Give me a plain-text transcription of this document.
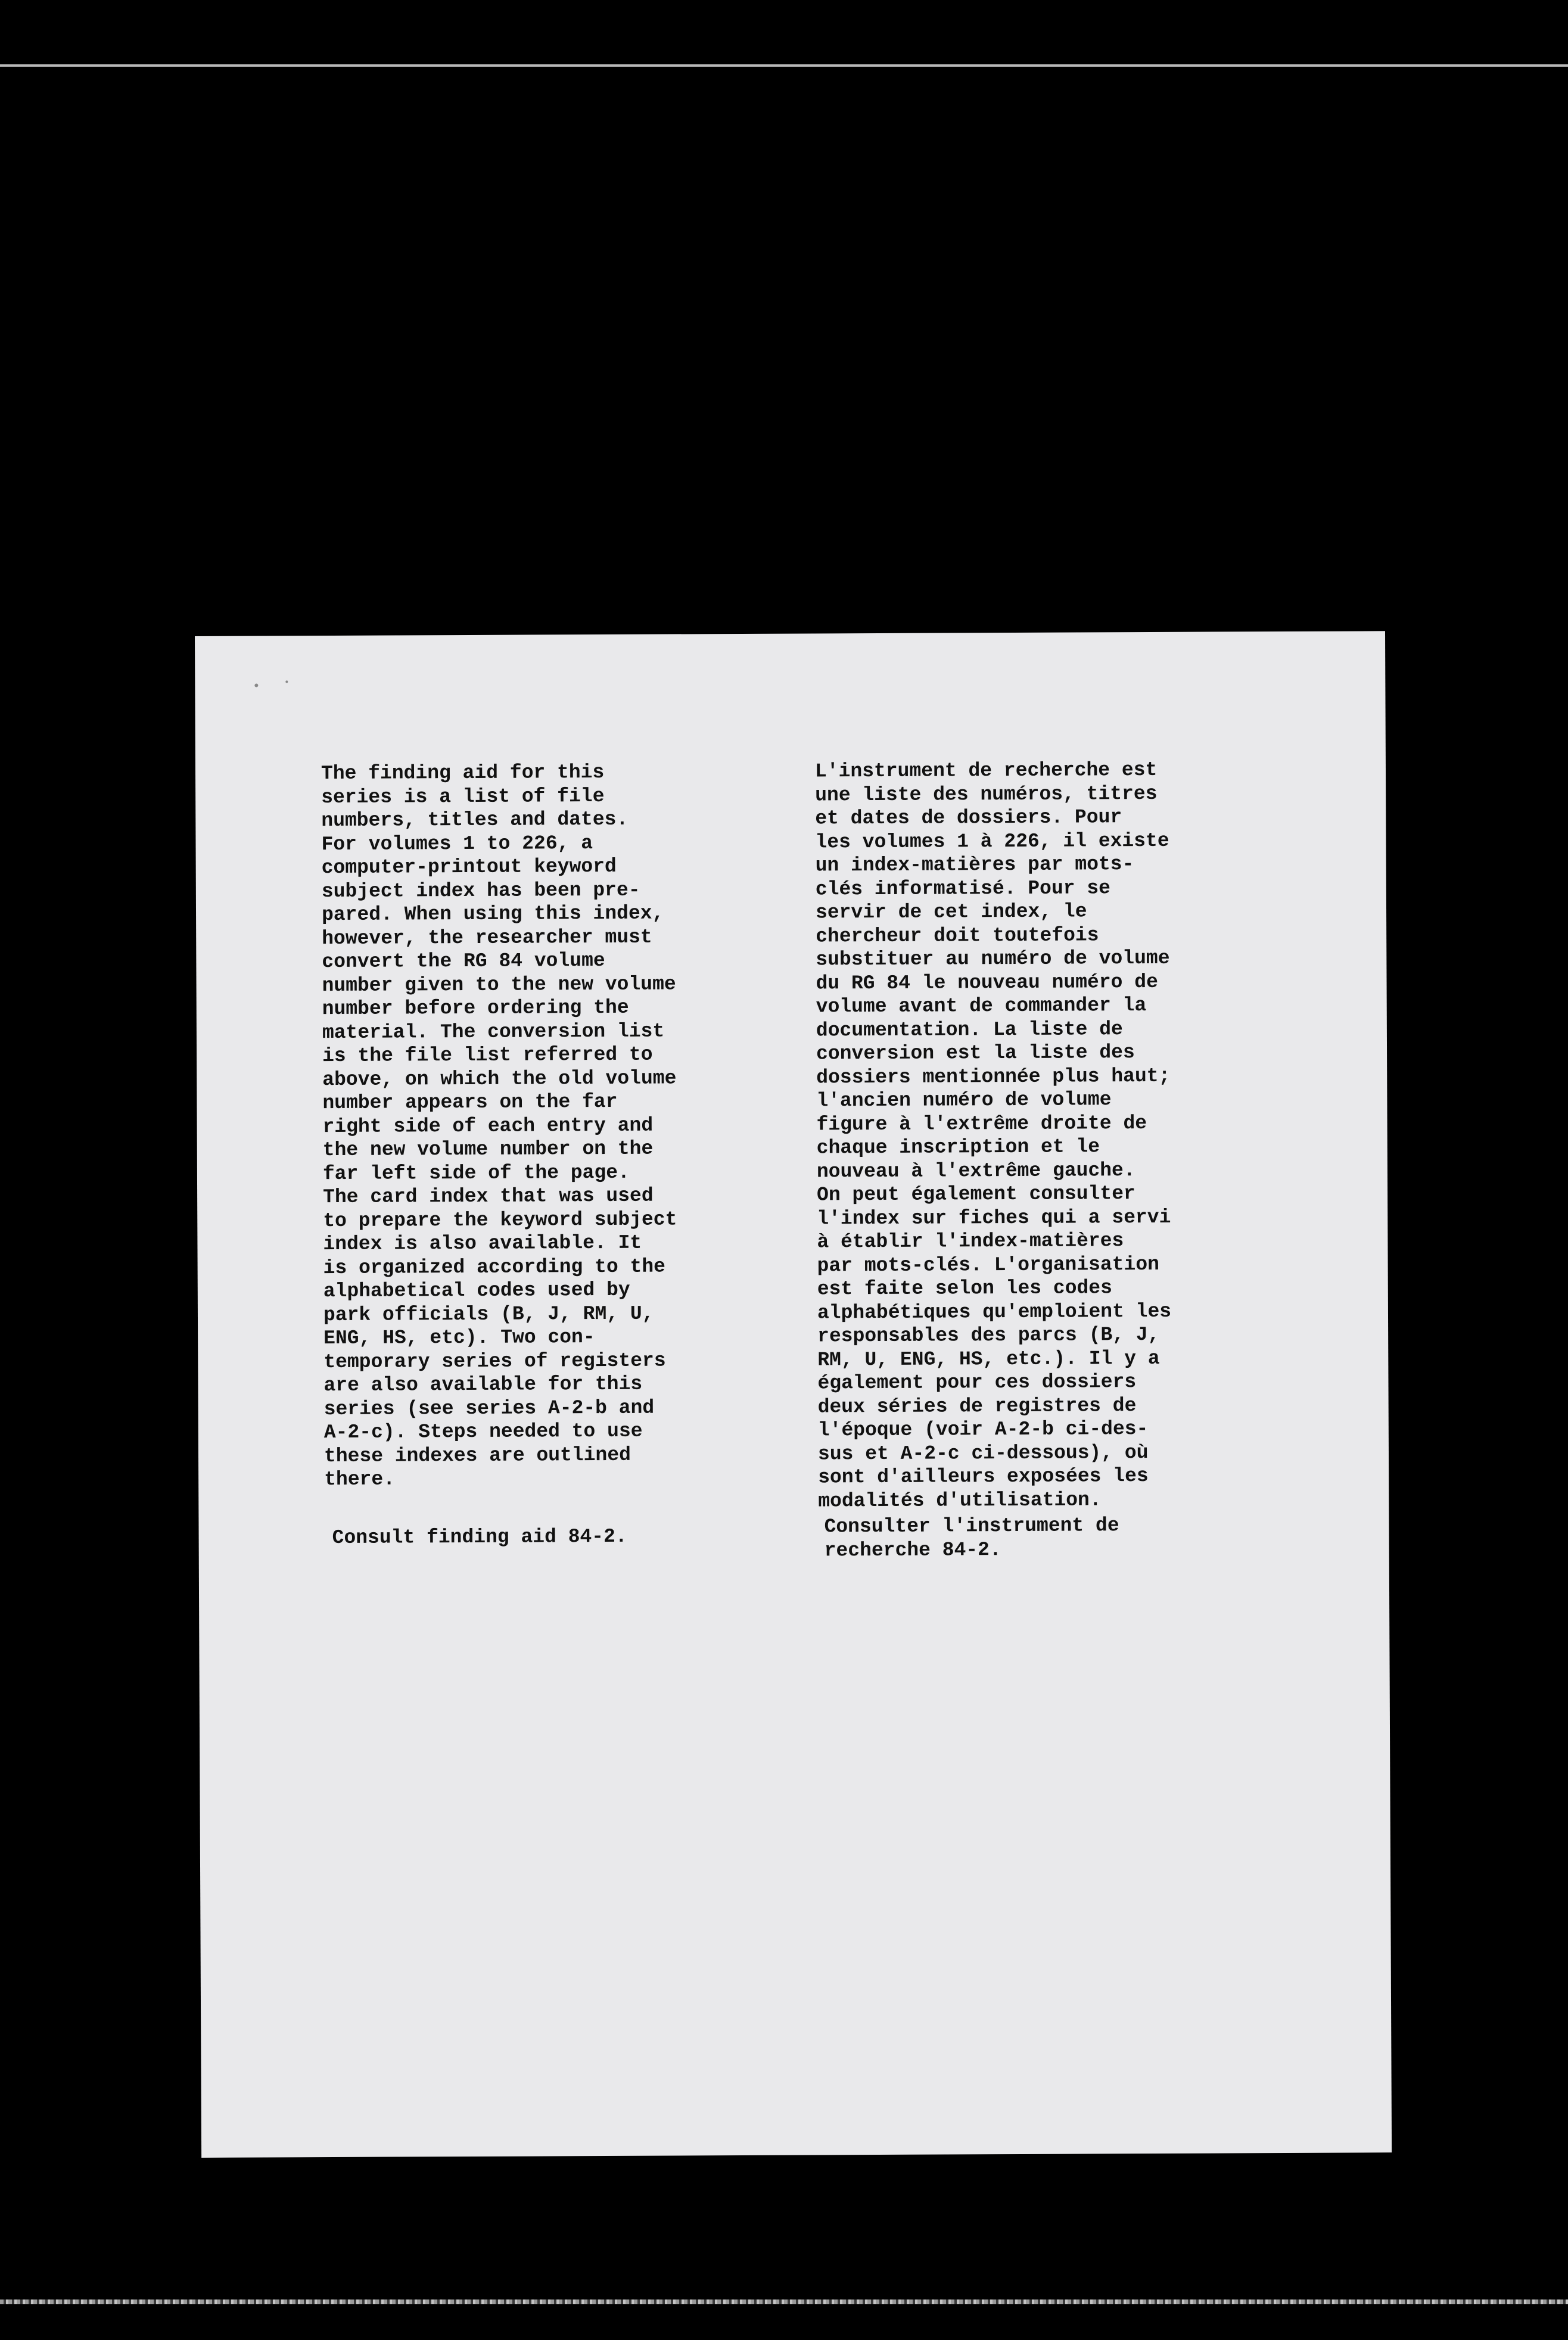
The finding aid for this
series is a list of file
numbers, titles and dates.
For volumes 1 to 226, a
computer-printout keyword
subject index has been pre-
pared. When using this index,
however, the researcher must
convert the RG 84 volume
number given to the new volume
number before ordering the
material. The conversion list
is the file list referred to
above, on which the old volume
number appears on the far
right side of each entry and
the new volume number on the
far left side of the page.
The card index that was used
to prepare the keyword subject
index is also available. It
is organized according to the
alphabetical codes used by
park officials (B, J, RM, U,
ENG, HS, etc). Two con-
temporary series of registers
are also available for this
series (see series A-2-b and
A-2-c). Steps needed to use
these indexes are outlined
there.

Consult finding aid 84-2.

L'instrument de recherche est
une liste des numéros, titres
et dates de dossiers. Pour
les volumes 1 à 226, il existe
un index-matières par mots-
clés informatisé. Pour se
servir de cet index, le
chercheur doit toutefois
substituer au numéro de volume
du RG 84 le nouveau numéro de
volume avant de commander la
documentation. La liste de
conversion est la liste des
dossiers mentionnée plus haut;
l'ancien numéro de volume
figure à l'extrême droite de
chaque inscription et le
nouveau à l'extrême gauche.
On peut également consulter
l'index sur fiches qui a servi
à établir l'index-matières
par mots-clés. L'organisation
est faite selon les codes
alphabétiques qu'emploient les
responsables des parcs (B, J,
RM, U, ENG, HS, etc.). Il y a
également pour ces dossiers
deux séries de registres de
l'époque (voir A-2-b ci-des-
sus et A-2-c ci-dessous), où
sont d'ailleurs exposées les
modalités d'utilisation.

Consulter l'instrument de
recherche 84-2.
